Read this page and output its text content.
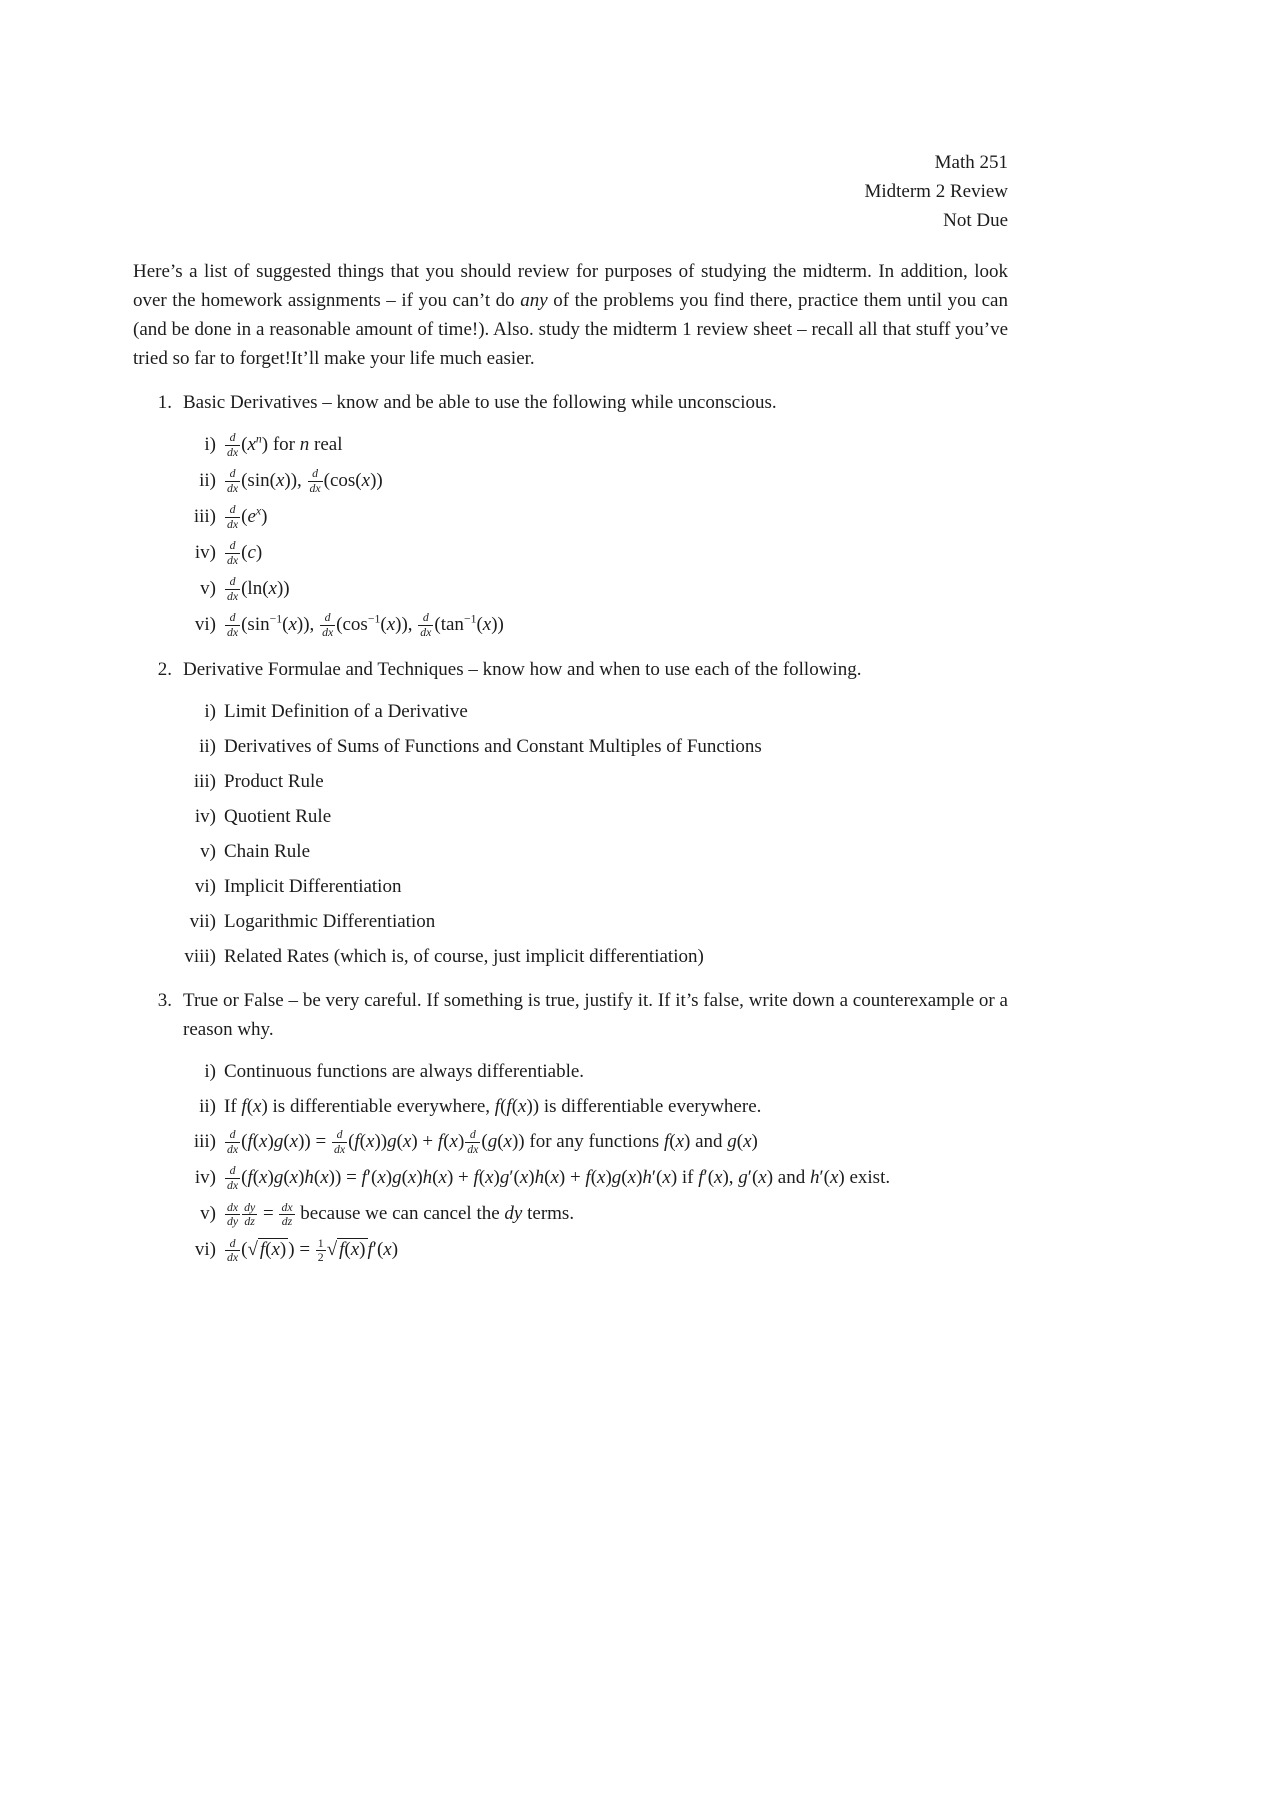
Math 251
Midterm 2 Review
Not Due

Here’s a list of suggested things that you should review for purposes of studying the midterm. In addition, look over the homework assignments – if you can’t do any of the problems you find there, practice them until you can (and be done in a reasonable amount of time!). Also. study the midterm 1 review sheet – recall all that stuff you’ve tried so far to forget!It’ll make your life much easier.

1. Basic Derivatives – know and be able to use the following while unconscious.
$i) \frac{d}{dx} (x^n)$ for n real
$ii) \frac{d}{dx} (\sin(x))$, $\frac{d}{dx} (\cos(x))$
$iii) \frac{d}{dx} (e^x)$
$iv) \frac{d}{dx} (c)$
$v) \frac{d}{dx} (\ln(x))$
$vi) \frac{d}{dx} (\sin^{-1}(x))$, $\frac{d}{dx} (\cos^{-1}(x))$, $\frac{d}{dx} (\tan^{-1}(x))$
2. Derivative Formulae and Techniques – know how and when to use each of the following.
i) Limit Definition of a Derivative
ii) Derivatives of Sums of Functions and Constant Multiples of Functions
iii) Product Rule
iv) Quotient Rule
v) Chain Rule
vi) Implicit Differentiation
vii) Logarithmic Differentiation
viii) Related Rates (which is, of course, just implicit differentiation)
3. True or False – be very careful. If something is true, justify it. If it’s false, write down a counterexample or a reason why.
i) Continuous functions are always differentiable.
ii) If f(x) is differentiable everywhere, f(f(x)) is differentiable everywhere.
$iii) \frac{d}{dx} (f(x)g(x)) = \frac{d}{dx} (f(x))g(x) + f(x) \frac{d}{dx} (g(x))$ for any functions f(x) and g(x)
$iv) \frac{d}{dx} (f(x)g(x)h(x)) = f'(x)g(x)h(x) + f(x)g'(x)h(x) + f(x)g(x)h'(x)$ if f′(x), g′(x) and h′(x) exist.
$v) \frac{dx}{dy} \frac{dy}{dz} = \frac{dx}{dz}$ because we can cancel the dy terms.
$vi) \frac{d}{dx}$ (√ f(x) ) = $\frac{1}{2}$ √ f(x) f′(x)
